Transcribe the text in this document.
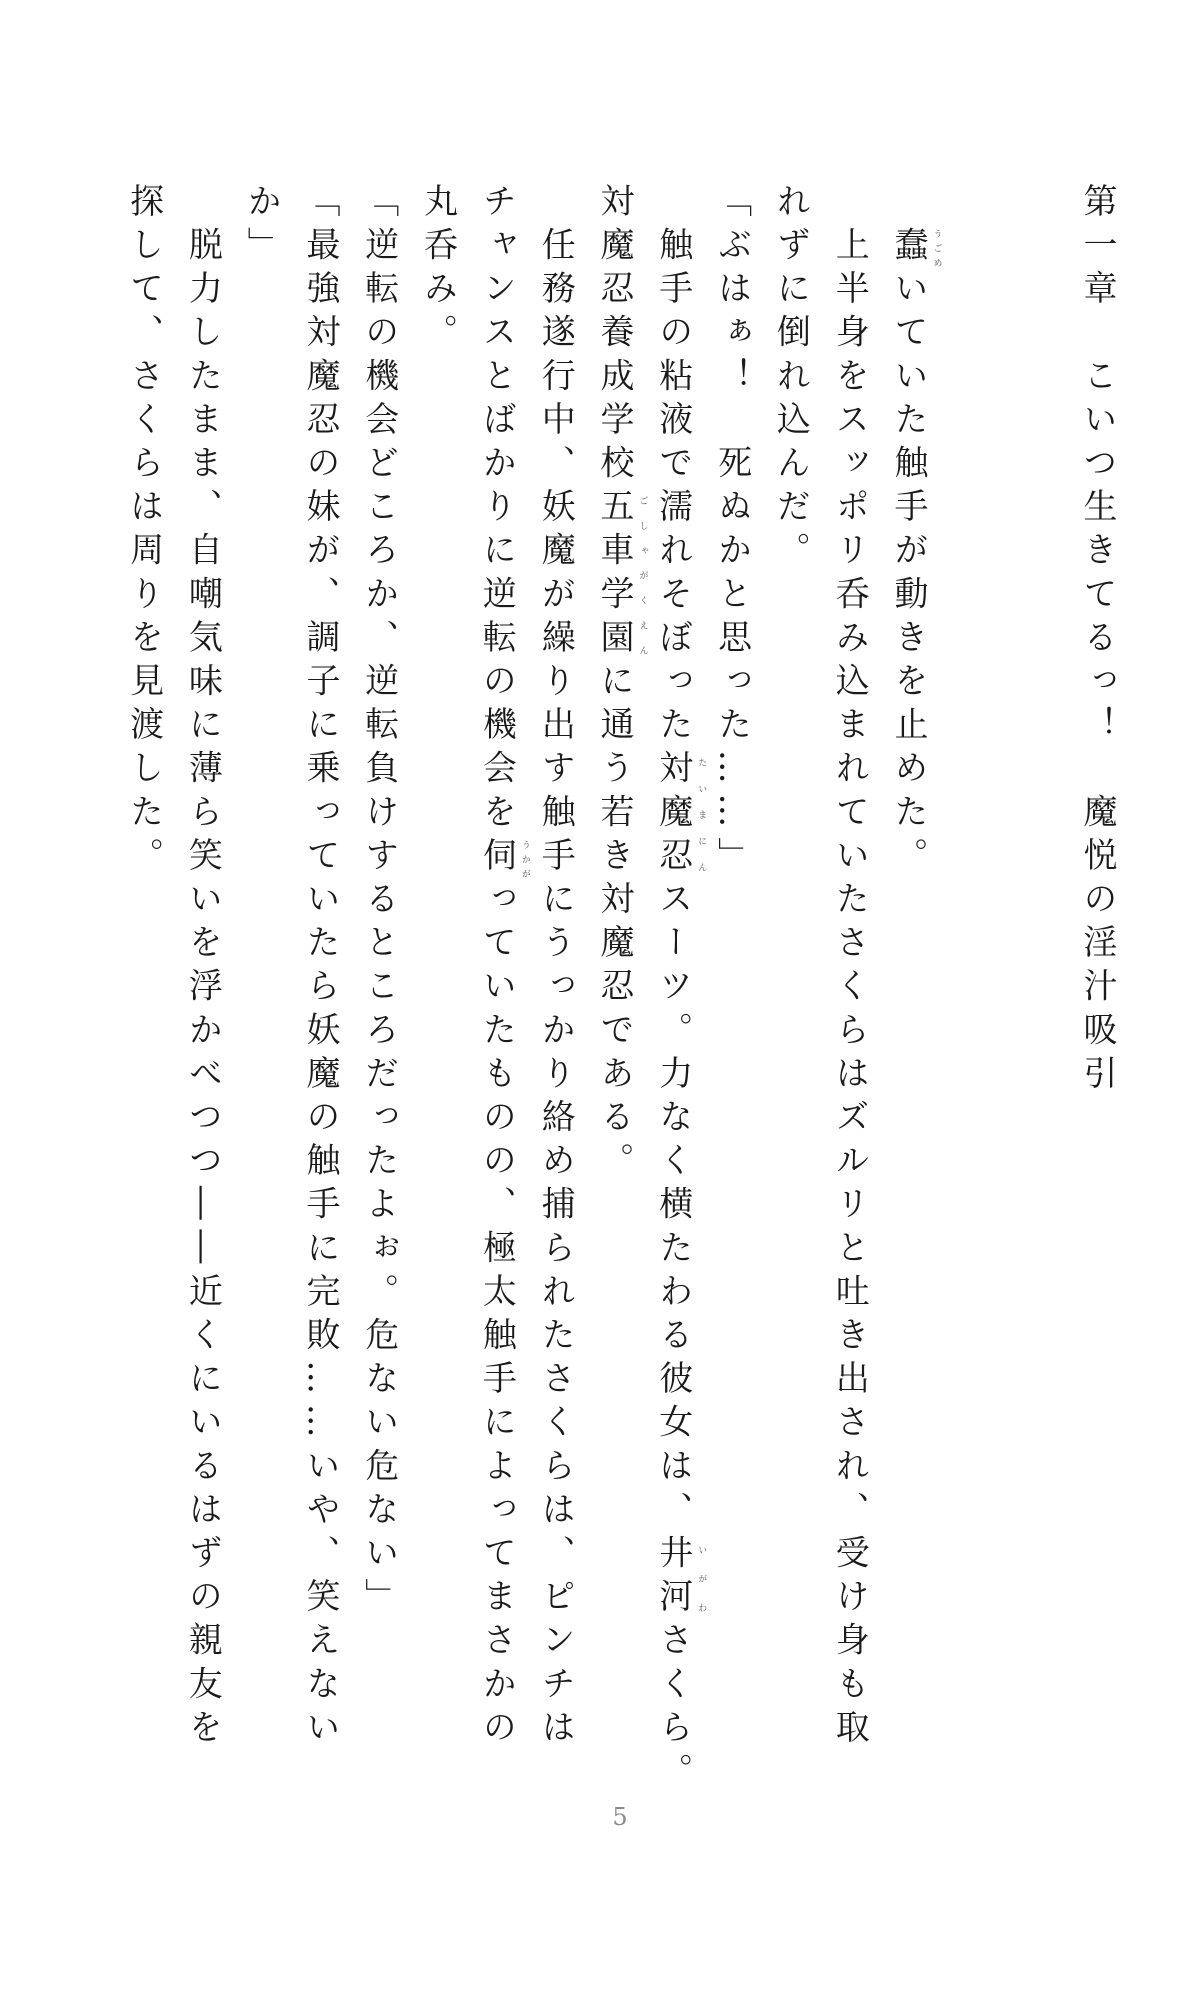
第一章　こいつ生きてるっ！　魔悦の淫汁吸引
　蠢いていた触手が動きを止めた。
　上半身をスッポリ呑み込まれていたさくらはズルリと吐き出され、受け身も取
れずに倒れ込んだ。
「ぶはぁ！　死ぬかと思った……」
　触手の粘液で濡れそぼった対魔忍スーツ。力なく横たわる彼女は、井河さくら。
対魔忍養成学校五車学園に通う若き対魔忍である。
　任務遂行中、妖魔が繰り出す触手にうっかり絡め捕られたさくらは、ピンチは
チャンスとばかりに逆転の機会を伺っていたものの、極太触手によってまさかの
丸呑み。
「逆転の機会どころか、逆転負けするところだったよぉ。危ない危ない」
「最強対魔忍の妹が、調子に乗っていたら妖魔の触手に完敗……いや、笑えない
か」
　脱力したまま、自嘲気味に薄ら笑いを浮かべつつ――近くにいるはずの親友を
探して、さくらは周りを見渡した。	うごめ
たいまにん
いがわ
ごしゃがくえん
うかが
5
